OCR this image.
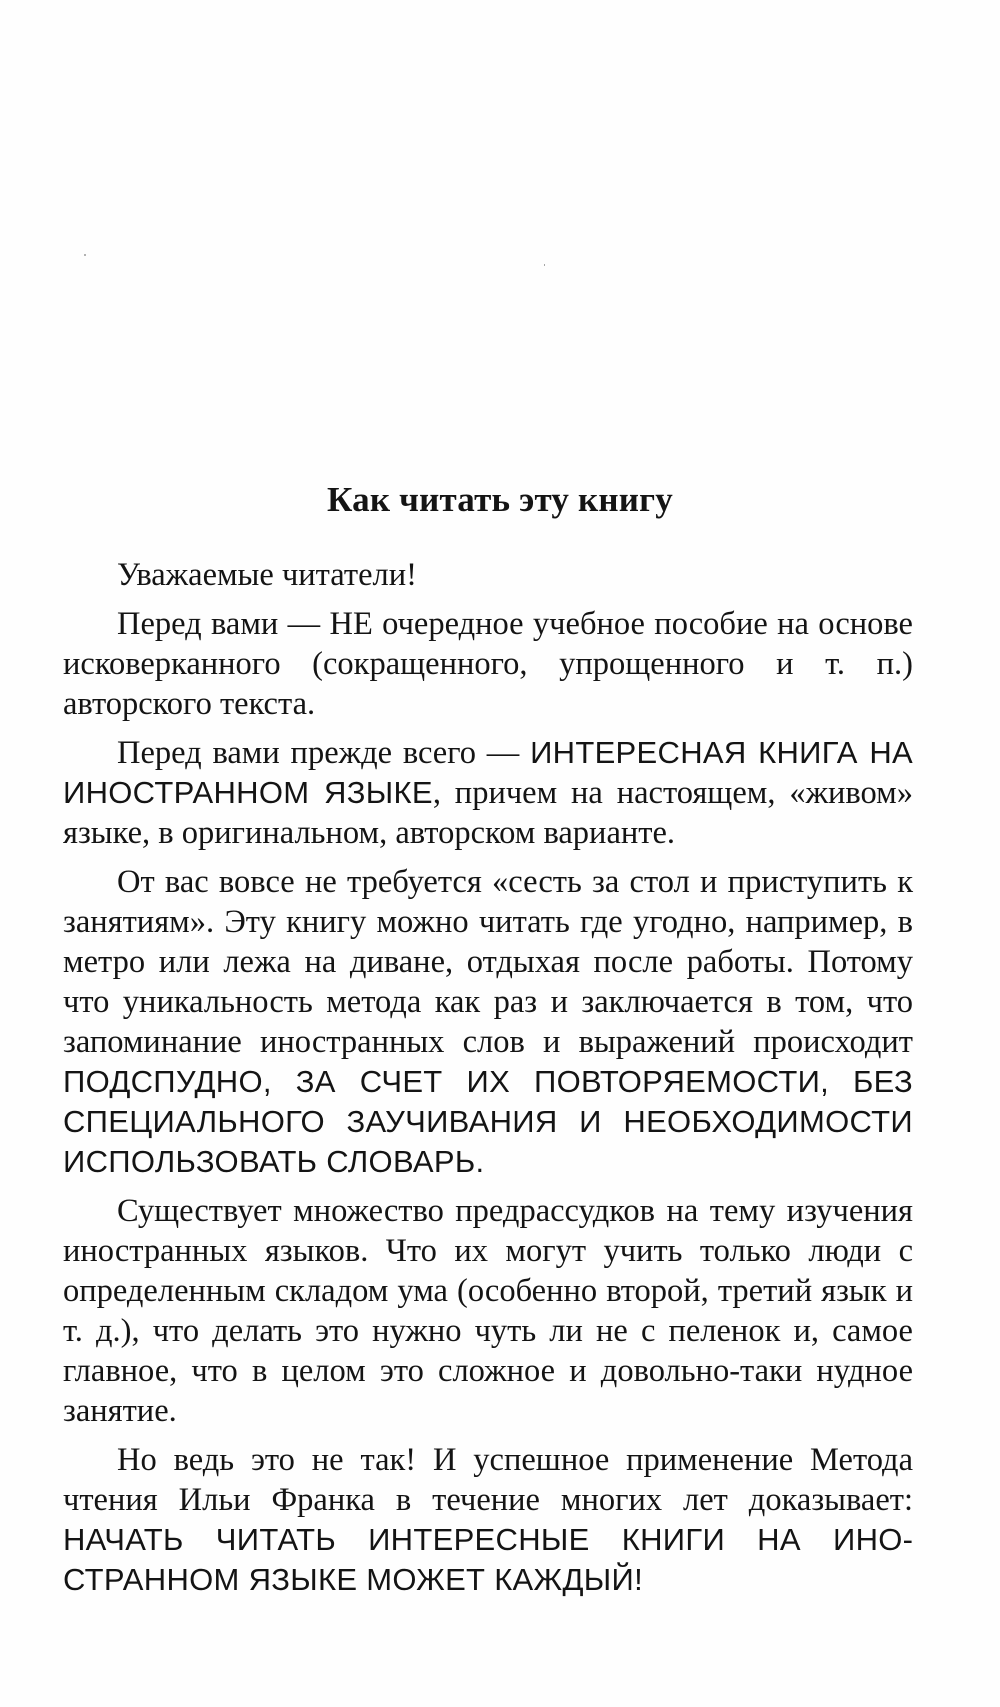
Как читать эту книгу

Уважаемые читатели!

Перед вами — НЕ очередное учебное пособие на основе исковерканного (сокращенного, упрощенного и т. п.) авторского текста.

Перед вами прежде всего — ИНТЕРЕСНАЯ КНИГА НА ИНОСТРАННОМ ЯЗЫКЕ, причем на настоящем, «живом» языке, в оригинальном, авторском варианте.

От вас вовсе не требуется «сесть за стол и приступить к занятиям». Эту книгу можно читать где угодно, например, в метро или лежа на диване, отдыхая после работы. Потому что уникальность метода как раз и заключается в том, что запоминание иностранных слов и выражений происходит ПОДСПУДНО, ЗА СЧЕТ ИХ ПОВТОРЯЕМОСТИ, БЕЗ СПЕЦИАЛЬНОГО ЗАУЧИВАНИЯ И НЕОБХОДИМОСТИ ИСПОЛЬЗОВАТЬ СЛОВАРЬ.

Существует множество предрассудков на тему изучения иностранных языков. Что их могут учить только люди с определенным складом ума (особенно второй, третий язык и т. д.), что делать это нужно чуть ли не с пеленок и, самое главное, что в целом это сложное и довольно-таки нудное занятие.

Но ведь это не так! И успешное применение Метода чтения Ильи Франка в течение многих лет доказывает: НАЧАТЬ ЧИТАТЬ ИНТЕРЕСНЫЕ КНИГИ НА ИНОСТРАННОМ ЯЗЫКЕ МОЖЕТ КАЖДЫЙ!
